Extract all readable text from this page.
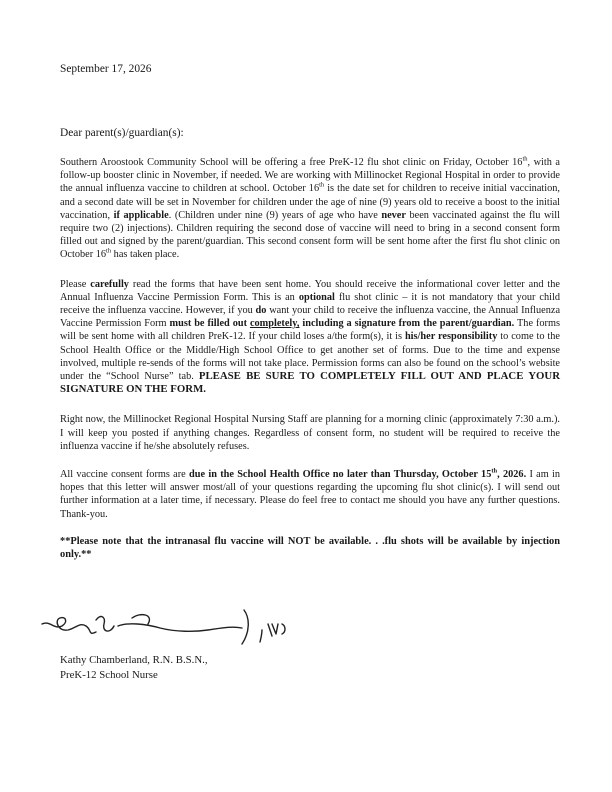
September 17, 2026
Dear parent(s)/guardian(s):

Southern Aroostook Community School will be offering a free PreK-12 flu shot clinic on Friday, October 16th, with a follow-up booster clinic in November, if needed. We are working with Millinocket Regional Hospital in order to provide the annual influenza vaccine to children at school. October 16th is the date set for children to receive initial vaccination, and a second date will be set in November for children under the age of nine (9) years old to receive a boost to the initial vaccination, if applicable. (Children under nine (9) years of age who have never been vaccinated against the flu will require two (2) injections). Children requiring the second dose of vaccine will need to bring in a second consent form filled out and signed by the parent/guardian. This second consent form will be sent home after the first flu shot clinic on October 16th has taken place.

Please carefully read the forms that have been sent home. You should receive the informational cover letter and the Annual Influenza Vaccine Permission Form. This is an optional flu shot clinic – it is not mandatory that your child receive the influenza vaccine. However, if you do want your child to receive the influenza vaccine, the Annual Influenza Vaccine Permission Form must be filled out completely, including a signature from the parent/guardian. The forms will be sent home with all children PreK-12. If your child loses a/the form(s), it is his/her responsibility to come to the School Health Office or the Middle/High School Office to get another set of forms. Due to the time and expense involved, multiple re-sends of the forms will not take place. Permission forms can also be found on the school’s website under the “School Nurse” tab. PLEASE BE SURE TO COMPLETELY FILL OUT AND PLACE YOUR SIGNATURE ON THE FORM.

Right now, the Millinocket Regional Hospital Nursing Staff are planning for a morning clinic (approximately 7:30 a.m.). I will keep you posted if anything changes. Regardless of consent form, no student will be required to receive the influenza vaccine if he/she absolutely refuses.

All vaccine consent forms are due in the School Health Office no later than Thursday, October 15th, 2026. I am in hopes that this letter will answer most/all of your questions regarding the upcoming flu shot clinic(s). I will send out further information at a later time, if necessary. Please do feel free to contact me should you have any further questions. Thank-you.

**Please note that the intranasal flu vaccine will NOT be available. . .flu shots will be available by injection only.**

Kathy Chamberland, R.N. B.S.N.,
PreK-12 School Nurse
